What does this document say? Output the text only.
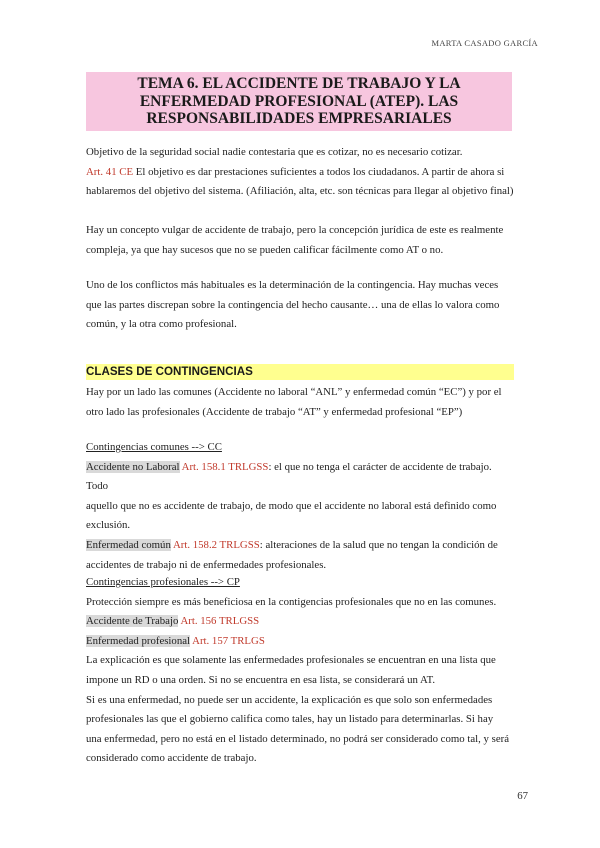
MARTA CASADO GARCÍA
TEMA 6. EL ACCIDENTE DE TRABAJO Y LA
ENFERMEDAD PROFESIONAL (ATEP). LAS
RESPONSABILIDADES EMPRESARIALES
Objetivo de la seguridad social nadie contestaria que es cotizar, no es necesario cotizar.
Art. 41 CE El objetivo es dar prestaciones suficientes a todos los ciudadanos. A partir de ahora si
hablaremos del objetivo del sistema. (Afiliación, alta, etc. son técnicas para llegar al objetivo final)
Hay un concepto vulgar de accidente de trabajo, pero la concepción jurídica de este es realmente
compleja, ya que hay sucesos que no se pueden calificar fácilmente como AT o no.
Uno de los conflictos más habituales es la determinación de la contingencia. Hay muchas veces
que las partes discrepan sobre la contingencia del hecho causante… una de ellas lo valora como
común, y la otra como profesional.
CLASES DE CONTINGENCIAS
Hay por un lado las comunes (Accidente no laboral “ANL” y enfermedad común “EC”) y por el
otro lado las profesionales (Accidente de trabajo “AT” y enfermedad profesional “EP”)
Contingencias comunes --> CC
Accidente no Laboral Art. 158.1 TRLGSS: el que no tenga el carácter de accidente de trabajo. Todo
aquello que no es accidente de trabajo, de modo que el accidente no laboral está definido como
exclusión.
Enfermedad común Art. 158.2 TRLGSS: alteraciones de la salud que no tengan la condición de
accidentes de trabajo ni de enfermedades profesionales.
Contingencias profesionales --> CP
Protección siempre es más beneficiosa en la contigencias profesionales que no en las comunes.
Accidente de Trabajo Art. 156 TRLGSS
Enfermedad profesional Art. 157 TRLGS
La explicación es que solamente las enfermedades profesionales se encuentran en una lista que
impone un RD o una orden. Si no se encuentra en esa lista, se considerará un AT.
Si es una enfermedad, no puede ser un accidente, la explicación es que solo son enfermedades
profesionales las que el gobierno califica como tales, hay un listado para determinarlas. Si hay
una enfermedad, pero no está en el listado determinado, no podrá ser considerado como tal, y será
considerado como accidente de trabajo.
67
